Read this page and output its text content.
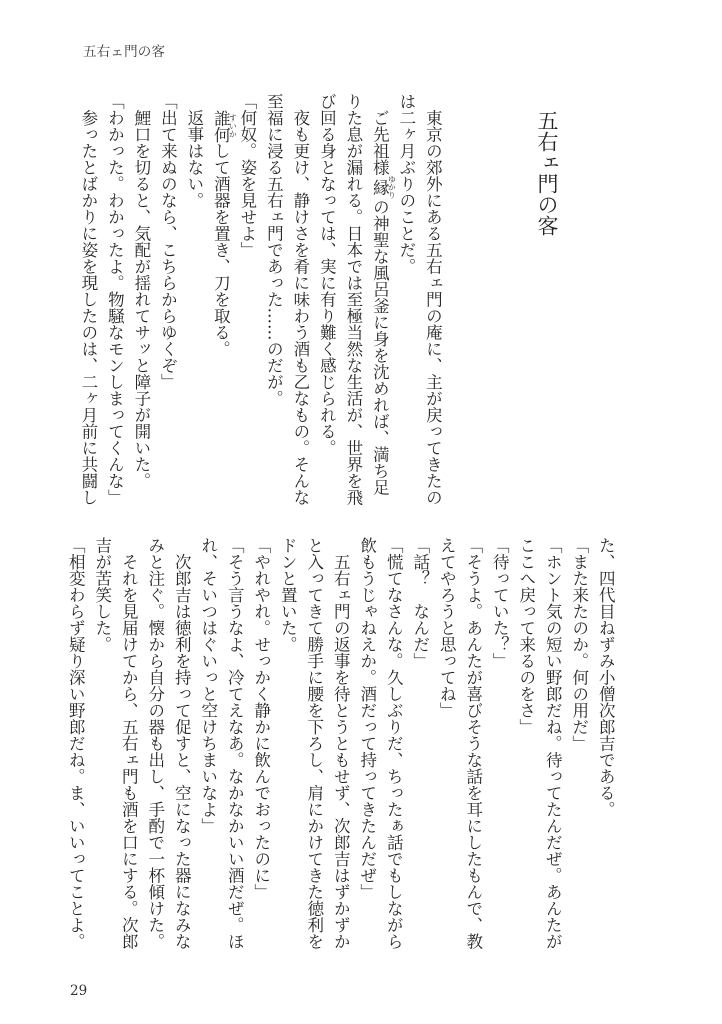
五右ェ門の客
五右ェ門の客
　東京の郊外にある五右ェ門の庵に、主が戻ってきたの
は二ヶ月ぶりのことだ。
　ご先祖様縁
ゆかり
の神聖な風呂釜に身を沈めれば、満ち足
りた息が漏れる。日本では至極当然な生活が、世界を飛
び回る身となっては、実に有り難く感じられる。
　夜も更け、静けさを肴に味わう酒も乙なもの。そんな
至福に浸る五右ェ門であった……のだが。
「何奴。姿を見せよ」
　誰何
すいか
して酒器を置き、刀を取る。
　返事はない。
「出て来ぬのなら、こちらからゆくぞ」
　鯉口を切ると、気配が揺れてサッと障子が開いた。
「わかった。わかったよ。物騒なモンしまってくんな」
　参ったとばかりに姿を現したのは、二ヶ月前に共闘し
た、四代目ねずみ小僧次郎吉である。
「また来たのか。何の用だ」
「ホント気の短い野郎だね。待ってたんだぜ。あんたが
ここへ戻って来るのをさ」
「待っていた？」
「そうよ。あんたが喜びそうな話を耳にしたもんで、教
えてやろうと思ってね」
「話？　なんだ」
「慌てなさんな。久しぶりだ、ちったぁ話でもしながら
飲もうじゃねえか。酒だって持ってきたんだぜ」
　五右ェ門の返事を待とうともせず、次郎吉はずかずか
と入ってきて勝手に腰を下ろし、肩にかけてきた徳利を
ドンと置いた。
「やれやれ。せっかく静かに飲んでおったのに」
「そう言うなよ、冷てえなあ。なかなかいい酒だぜ。ほ
れ、そいつはぐいっと空けちまいなよ」
　次郎吉は徳利を持って促すと、空になった器になみな
みと注ぐ。懐から自分の器も出し、手酌で一杯傾けた。
　それを見届けてから、五右ェ門も酒を口にする。次郎
吉が苦笑した。
「相変わらず疑り深い野郎だね。ま、いいってことよ。
29
